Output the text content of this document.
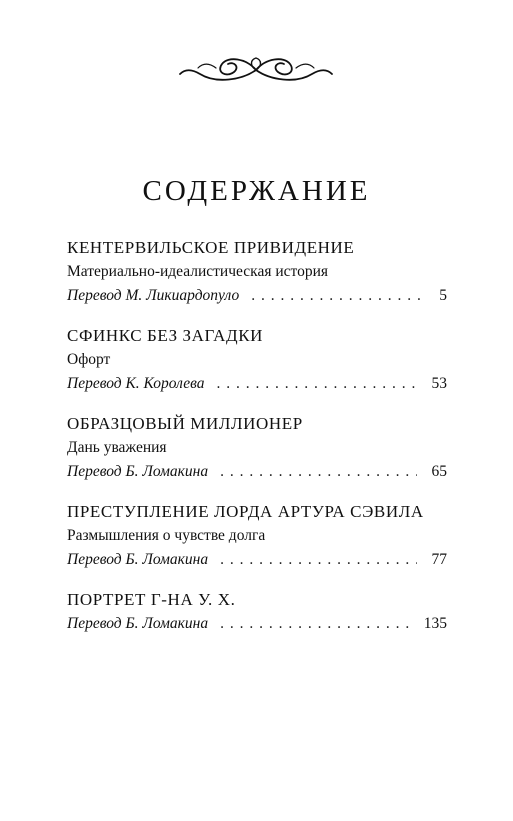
СОДЕРЖАНИЕ
КЕНТЕРВИЛЬСКОЕ ПРИВИДЕНИЕ
Материально-идеалистическая история
Перевод М. Ликиардопуло . . .	5
СФИНКС БЕЗ ЗАГАДКИ
Офорт
Перевод К. Королева . . .	53
ОБРАЗЦОВЫЙ МИЛЛИОНЕР
Дань уважения
Перевод Б. Ломакина . . .	65
ПРЕСТУПЛЕНИЕ ЛОРДА АРТУРА СЭВИЛА
Размышления о чувстве долга
Перевод Б. Ломакина . . .	77
ПОРТРЕТ Г-НА У. Х.
Перевод Б. Ломакина . . .	135
